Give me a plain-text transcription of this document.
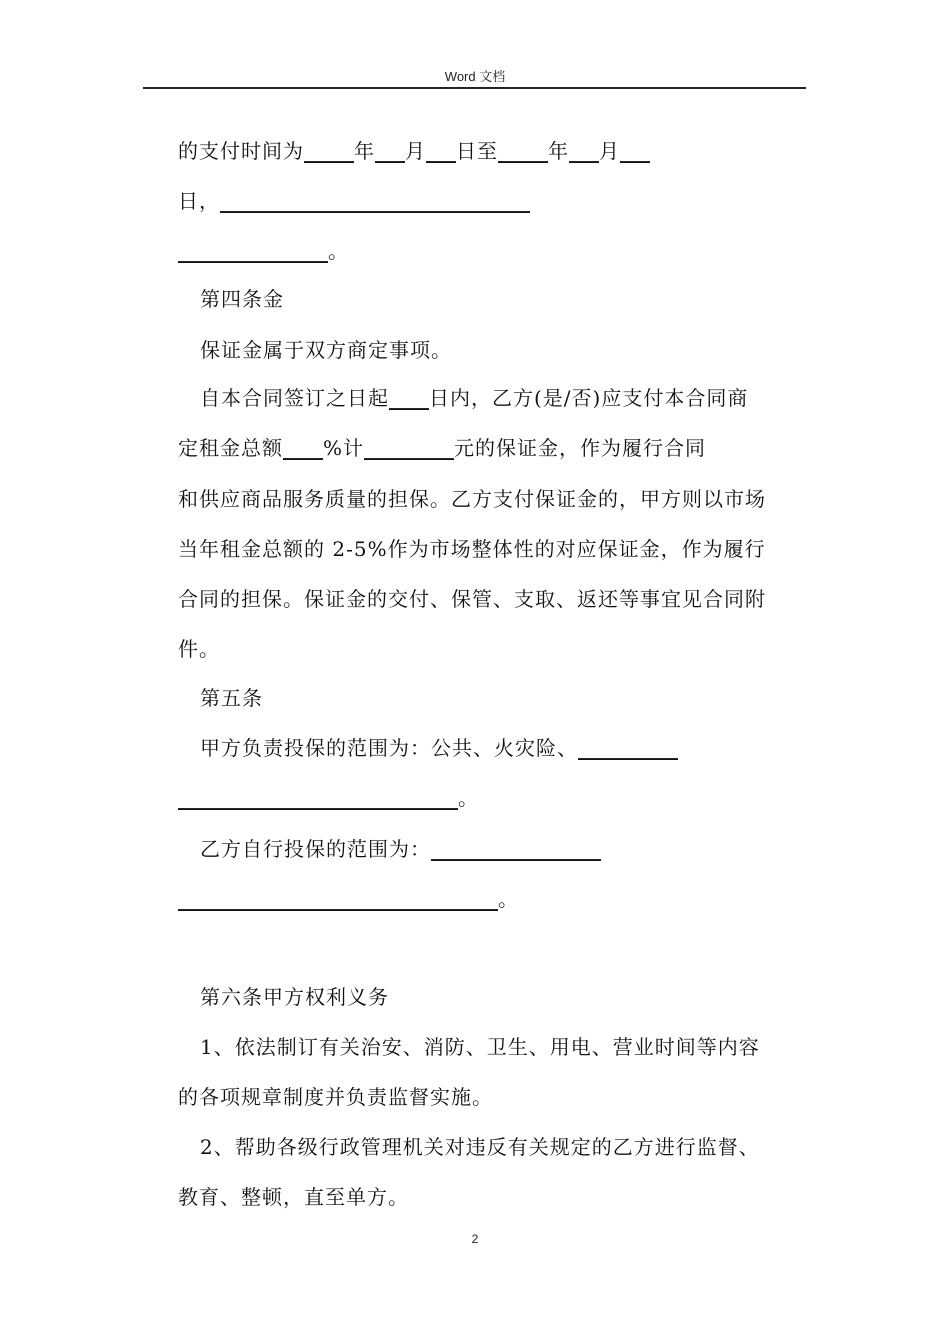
Word 文档
的支付时间为_____年___月___日至_____年___月___
日，_______________________________
_______________。
第四条金
保证金属于双方商定事项。
自本合同签订之日起____日内，乙方(是/否)应支付本合同商
定租金总额____%计_________元的保证金，作为履行合同
和供应商品服务质量的担保。乙方支付保证金的，甲方则以市场
当年租金总额的 2-5%作为市场整体性的对应保证金，作为履行
合同的担保。保证金的交付、保管、支取、返还等事宜见合同附
件。
第五条
甲方负责投保的范围为：公共、火灾险、__________
____________________________。
乙方自行投保的范围为：_________________
________________________________。
第六条甲方权利义务
1、依法制订有关治安、消防、卫生、用电、营业时间等内容
的各项规章制度并负责监督实施。
2、帮助各级行政管理机关对违反有关规定的乙方进行监督、
教育、整顿，直至单方。
2
